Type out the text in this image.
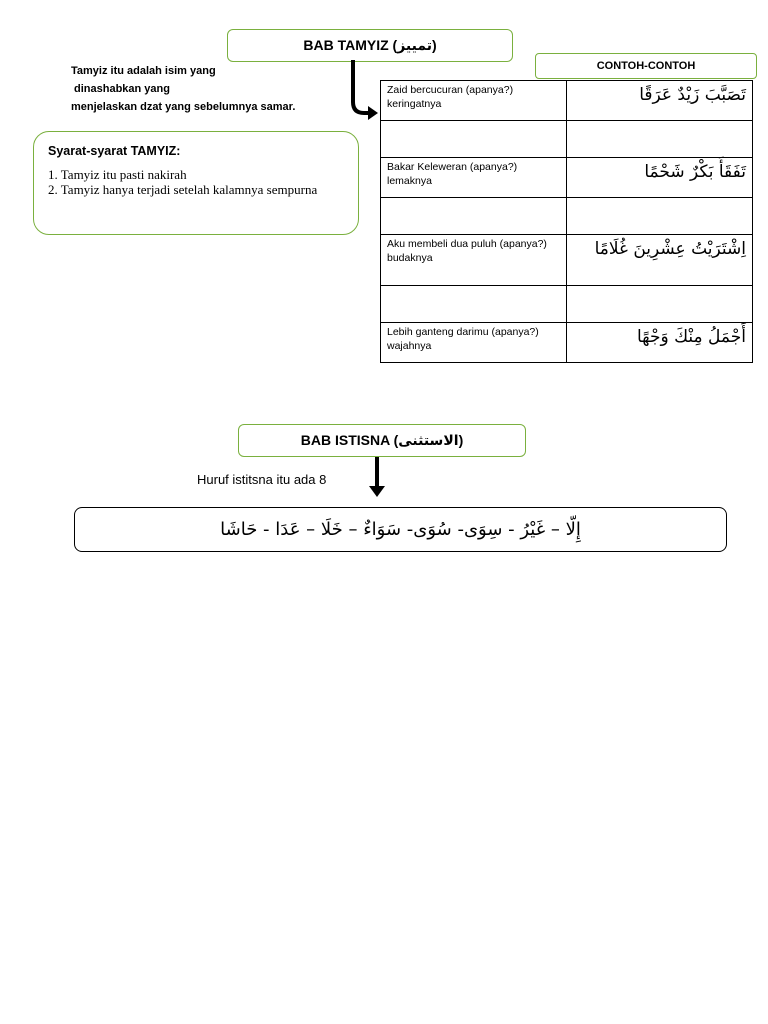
BAB TAMYIZ (تمييز)
CONTOH-CONTOH
Tamyiz itu adalah isim yang
dinashabkan yang
menjelaskan dzat yang sebelumnya samar.
Syarat-syarat TAMYIZ:
1. Tamyiz itu pasti nakirah
2. Tamyiz hanya terjadi setelah kalamnya sempurna
Zaid bercucuran (apanya?) keringatnya	تَصَبَّبَ زَيْدٌ عَرَقًا

Bakar Keleweran (apanya?) lemaknya	تَفَقَأَ بَكْرٌ شَحْمًا

Aku membeli dua puluh (apanya?) budaknya	اِشْتَرَيْتُ عِشْرِينَ غُلَامًا

Lebih ganteng darimu (apanya?) wajahnya	أَجْمَلُ مِنْكَ وَجْهًا
BAB ISTISNA (الاستثنى)
Huruf istitsna itu ada 8
إِلّا – غَيْرُ - سِوَى- سُوَى- سَوَاءٌ – خَلَا – عَدَا - حَاشَا
